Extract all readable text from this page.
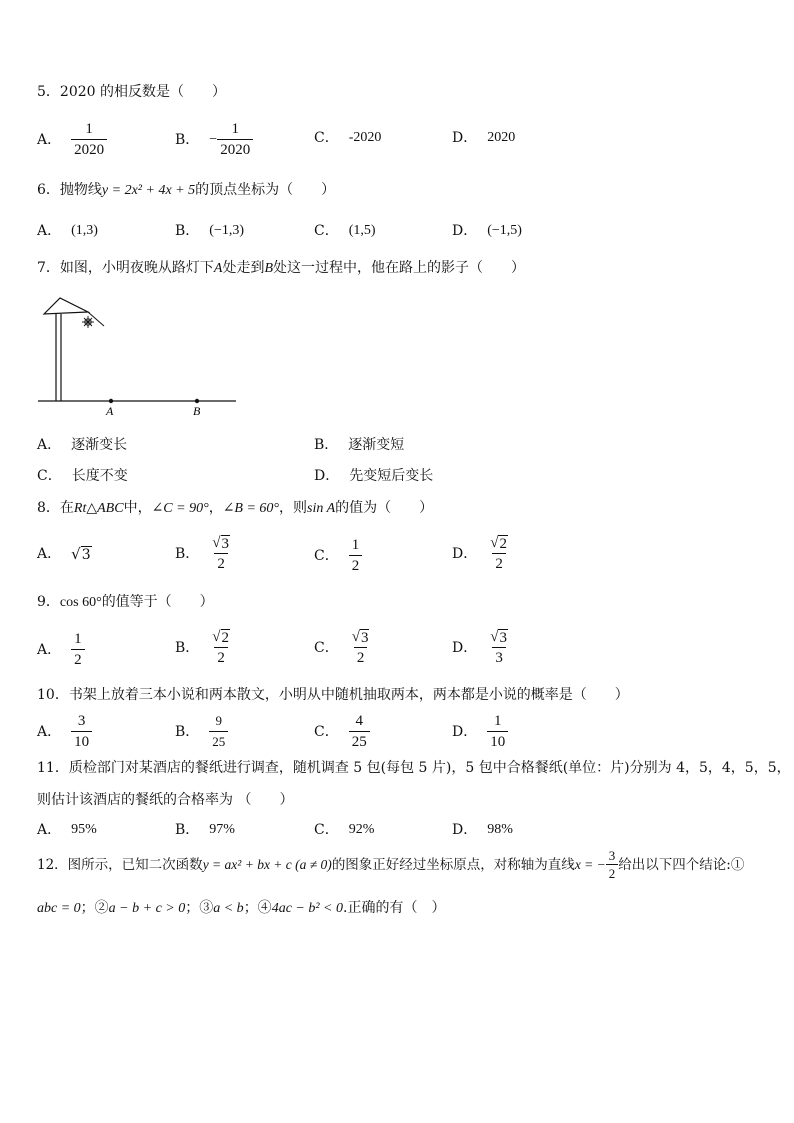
5．2020 的相反数是（　　）
A． $\frac{1}{2020}$	B． − $\frac{1}{2020}$	C． -2020	D． 2020
6．抛物线y = 2x² + 4x + 5的顶点坐标为（　　）
A． (1,3)	B． (−1,3)	C． (1,5)	D． (−1,5)
7．如图，小明夜晚从路灯下A处走到B处这一过程中，他在路上的影子（　　）
A	B
A． 逐渐变长	B． 逐渐变短
C． 长度不变	D． 先变短后变长
8．在Rt△ABC中，∠C = 90°，∠B = 60°，则sin A的值为（　　）
A． √ 3	B． $\frac{√ 3}{2}$	C． $\frac{1}{2}$	D． $\frac{√ 2}{2}$
9．cos 60°的值等于（　　）
A． $\frac{1}{2}$	B． $\frac{√ 2}{2}$	C． $\frac{√ 3}{2}$	D． $\frac{√ 3}{3}$
10．书架上放着三本小说和两本散文，小明从中随机抽取两本，两本都是小说的概率是（　　）
A． $\frac{3}{10}$	B． $\frac{9}{25}$	C． $\frac{4}{25}$	D． $\frac{1}{10}$
11．质检部门对某酒店的餐纸进行调查，随机调查 5 包(每包 5 片)，5 包中合格餐纸(单位：片)分别为 4，5，4，5，5，
则估计该酒店的餐纸的合格率为 （　　）
A． 95%	B． 97%	C． 92%	D． 98%
12．图所示，已知二次函数 y = ax² + bx + c (a ≠ 0) 的图象正好经过坐标原点，对称轴为直线 x = − $\frac{3}{2}$ 给出以下四个结论:①
abc = 0；②a − b + c > 0；③a < b；④4ac − b² < 0.正确的有（　）
